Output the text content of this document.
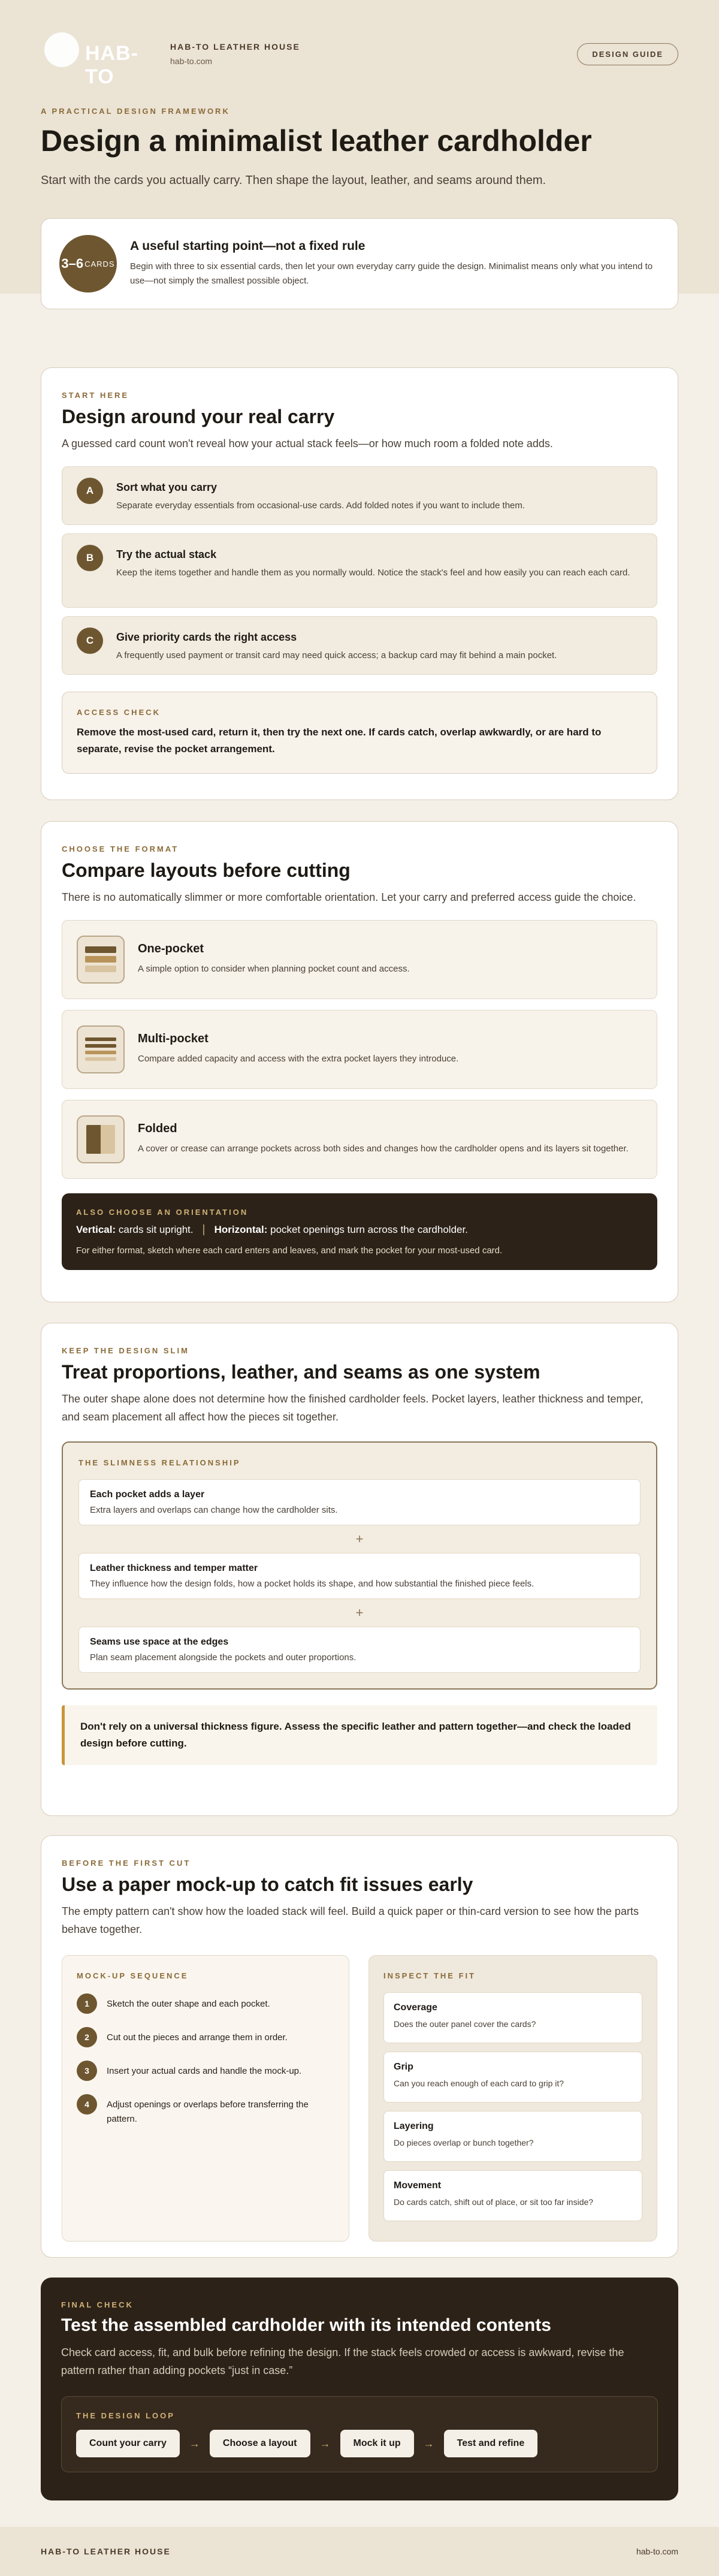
HAB-TO
HAB-TO LEATHER HOUSE
hab-to.com
DESIGN GUIDE
A PRACTICAL DESIGN FRAMEWORK
Design a minimalist leather cardholder

Start with the cards you actually carry. Then shape the layout, leather, and seams around them.

3–6 CARDS
A useful starting point—not a fixed rule

Begin with three to six essential cards, then let your own everyday carry guide the design. Minimalist means only what you intend to use—not simply the smallest possible object.

START HERE
Design around your real carry

A guessed card count won't reveal how your actual stack feels—or how much room a folded note adds.

A	Sort what you carry

Separate everyday essentials from occasional-use cards. Add folded notes if you want to include them.

B	Try the actual stack

Keep the items together and handle them as you normally would. Notice the stack's feel and how easily you can reach each card.

C	Give priority cards the right access

A frequently used payment or transit card may need quick access; a backup card may fit behind a main pocket.

ACCESS CHECK

Remove the most-used card, return it, then try the next one. If cards catch, overlap awkwardly, or are hard to separate, revise the pocket arrangement.

CHOOSE THE FORMAT
Compare layouts before cutting

There is no automatically slimmer or more comfortable orientation. Let your carry and preferred access guide the choice.

One-pocket

A simple option to consider when planning pocket count and access.

Multi-pocket

Compare added capacity and access with the extra pocket layers they introduce.

Folded

A cover or crease can arrange pockets across both sides and changes how the cardholder opens and its layers sit together.

ALSO CHOOSE AN ORIENTATION
Vertical: cards sit upright. Horizontal: pocket openings turn across the cardholder.
For either format, sketch where each card enters and leaves, and mark the pocket for your most-used card.
KEEP THE DESIGN SLIM
Treat proportions, leather, and seams as one system

The outer shape alone does not determine how the finished cardholder feels. Pocket layers, leather thickness and temper, and seam placement all affect how the pieces sit together.

THE SLIMNESS RELATIONSHIP
Each pocket adds a layer

Extra layers and overlaps can change how the cardholder sits.

+
Leather thickness and temper matter

They influence how the design folds, how a pocket holds its shape, and how substantial the finished piece feels.

+
Seams use space at the edges

Plan seam placement alongside the pockets and outer proportions.

Don't rely on a universal thickness figure. Assess the specific leather and pattern together—and check the loaded design before cutting.

BEFORE THE FIRST CUT
Use a paper mock-up to catch fit issues early

The empty pattern can't show how the loaded stack will feel. Build a quick paper or thin-card version to see how the parts behave together.

MOCK-UP SEQUENCE
1	Sketch the outer shape and each pocket.

2	Cut out the pieces and arrange them in order.

3	Insert your actual cards and handle the mock-up.

4	Adjust openings or overlaps before transferring the pattern.

INSPECT THE FIT
Coverage

Does the outer panel cover the cards?

Grip

Can you reach enough of each card to grip it?

Layering

Do pieces overlap or bunch together?

Movement

Do cards catch, shift out of place, or sit too far inside?

FINAL CHECK
Test the assembled cardholder with its intended contents

Check card access, fit, and bulk before refining the design. If the stack feels crowded or access is awkward, revise the pattern rather than adding pockets “just in case.”

THE DESIGN LOOP
Count your carry	→	Choose a layout	→	Mock it up	→	Test and refine
HAB-TO LEATHER HOUSE	hab-to.com
